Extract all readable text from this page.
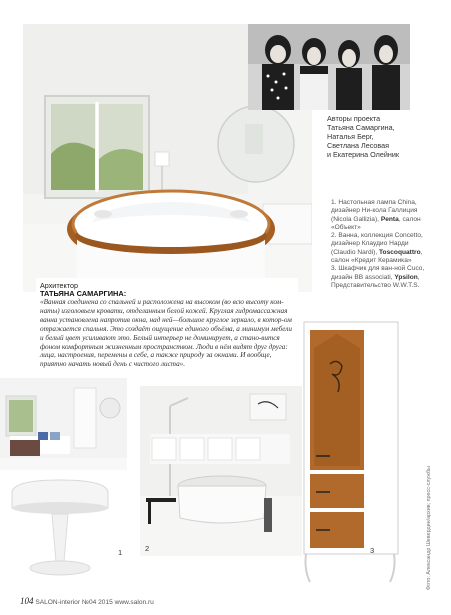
Авторы проекта
Татьяна Самаргина,
Наталья Берг,
Светлана Лесовая
и Екатерина Олейник
1. Настольная лампа China, дизайнер Ни-кола Галлиция (Nicola Gallizia), Penta, салон «Объект»
2. Ванна, коллекция Concetto, дизайнер Клаудио Нарди (Claudio Nardi), Toscoquattro, салон «Кредит Керамика»
3. Шкафчик для ван-ной Cuco, дизайн BB associati, Ypsilon, Представительство W.W.T.S.
Архитектор
ТАТЬЯНА САМАРГИНА:
«Ванная соединена со спальней и расположена на высоком (во всю высоту ком-наты) изголовьем кровати, отделанным белой кожей. Круглая гидромассажная ванна установлена напротив окна, над ней—большое круглое зеркало, в котор-ом отражается спальня. Это создаёт ощущение единого объёма, а минимум мебели и белый цвет усиливают это. Белый интерьер не доминирует, а стано-вится фоном комфортным жизненным пространством. Люди в нём видят друг друга: лица, настроения, перемены в себе, а также природу за окнами. И вообще, приятно начать новый день с чистого листа».
1	2	3	Фото: Александр Шевердин/архив; пресс-службы
104 SALON-interior №04 2015 www.salon.ru
